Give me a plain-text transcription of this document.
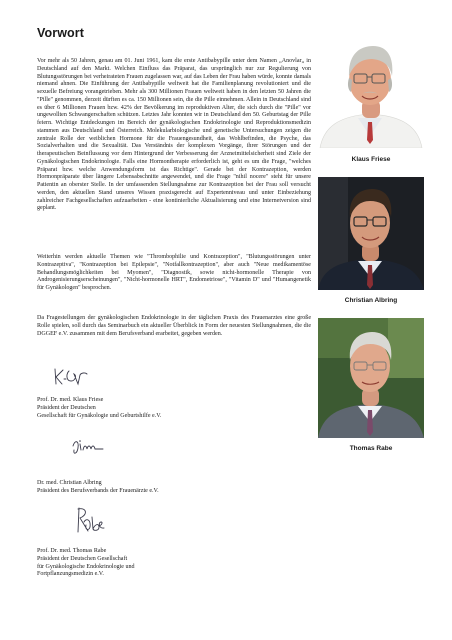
Vorwort

Vor mehr als 50 Jahren, genau am 01. Juni 1961, kam die erste Antibabypille unter dem Namen „Anovlar„ in Deutschland auf den Markt. Welchen Einfluss das Präparat, das ursprünglich nur zur Regulierung von Blutungsstörungen bei verheirateten Frauen zugelassen war, auf das Leben der Frau haben würde, konnte damals niemand ahnen. Die Einführung der Antibabypille weltweit hat die Familienplanung revolutioniert und die sexuelle Befreiung vorangetrieben. Mehr als 300 Millionen Frauen weltweit haben in den letzten 50 Jahren die "Pille" genommen, derzeit dürften es ca. 150 Millionen sein, die die Pille einnehmen. Allein in Deutschland sind es über 6 Millionen Frauen bzw. 42% der Bevölkerung im reproduktiven Alter, die sich durch die "Pille" vor ungewollten Schwangerschaften schützen. Letztes Jahr konnten wir in Deutschland den 50. Geburtstag der Pille feiern. Wichtige Entdeckungen im Bereich der gynäkologischen Endokrinologie und Reproduktionsmedizin stammen aus Deutschland und Österreich. Molekularbiologische und genetische Untersuchungen zeigen die zentrale Rolle der weiblichen Hormone für die Frauengesundheit, das Wohlbefinden, die Psyche, das Sozialverhalten und die Sexualität. Das Verständnis der komplexen Vorgänge, ihrer Störungen und der therapeutischen Beinflussung vor dem Hintergrund der Verbesserung der Arzneimittelsicherheit sind Ziele der Gynäkologischen Endokrinologie. Falls eine Hormontherapie erforderlich ist, geht es um die Frage, "welches Präparat bzw. welche Anwendungsform ist das Richtige". Gerade bei der Kontrazeption, werden Hormonpräparate über längere Lebensabschnitte angewendet, und die Frage "nihil nocere" steht für unsere Patientin an oberster Stelle. In der umfassenden Stellungnahme zur Kontrazeption bei der Frau soll versucht werden, den aktuellen Stand unseres Wissen praxisgerecht auf Expertenniveau und unter Einbeziehung zahlreicher Fachgesellschaften aufzuarbeiten - eine kontinierliche Aktualisierung und eine Internetversion sind geplant.

Weiterhin werden aktuelle Themen wie "Thrombophilie und Kontrazeption", "Blutungsstörungen unter Kontrazeptiva", "Kontrazeption bei Epilepsie", "Notfallkontrazeption", aber auch "Neue medikamentöse Behandlungsmöglichkeiten bei Myomen", "Diagnostik, sowie nicht-hormonelle Therapie von Androgenisierungserscheinungen", "Nicht-hormonelle HRT", Endometriose", "Vitamin D" und "Humangenetik für Gynäkologen" besprochen.

Da Fragestellungen der gynäkologischen Endokrinologie in der täglichen Praxis des Frauenarztes eine große Rolle spielen, soll durch das Seminarbuch ein aktueller Überblick in Form der neuesten Stellungnahmen, die die DGGEF e.V. zusammen mit dem Berufsverband erarbeitet, gegeben werden.

Prof. Dr. med. Klaus Friese
Präsident der Deutschen
Gesellschaft für Gynäkologie und Geburtshilfe e.V.
Dr. med. Christian Albring
Präsident des Berufsverbands der Frauenärzte e.V.
Prof. Dr. med. Thomas Rabe
Präsident der Deutschen Gesellschaft
für Gynäkologische Endokrinologie und
Fortpflanzungsmedizin e.V.
Klaus Friese
Christian Albring
Thomas Rabe
